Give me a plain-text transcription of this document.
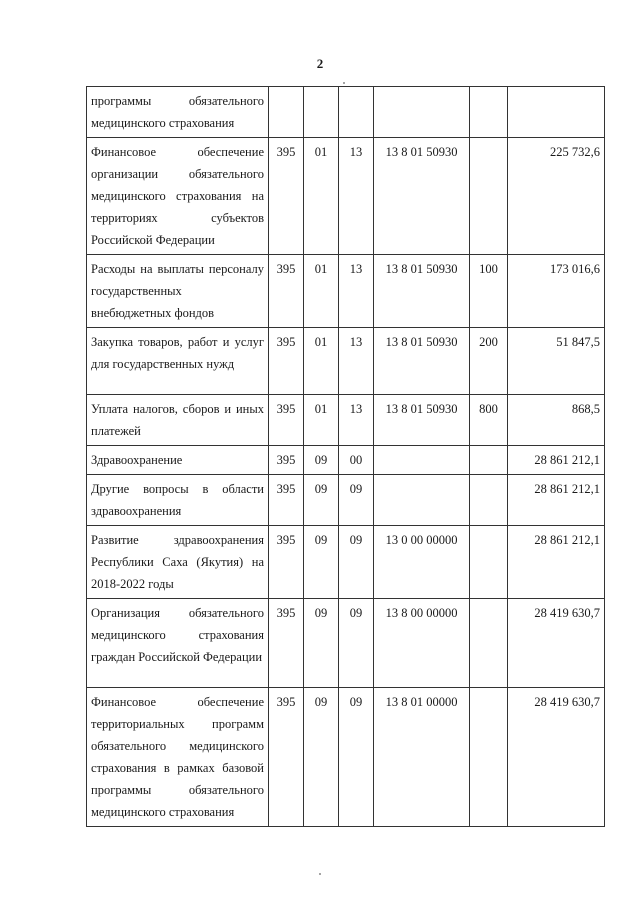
2
программы обязательного медицинского страхования						
Финансовое обеспечение организации обязательного медицинского страхования на территориях субъектов Российской Федерации	395	01	13	13 8 01 50930		225 732,6
Расходы на выплаты персоналу государственных внебюджетных фондов	395	01	13	13 8 01 50930	100	173 016,6
Закупка товаров, работ и услуг для государственных нужд	395	01	13	13 8 01 50930	200	51 847,5
Уплата налогов, сборов и иных платежей	395	01	13	13 8 01 50930	800	868,5
Здравоохранение	395	09	00			28 861 212,1
Другие вопросы в области здравоохранения	395	09	09			28 861 212,1
Развитие здравоохранения Республики Саха (Якутия) на 2018-2022 годы	395	09	09	13 0 00 00000		28 861 212,1
Организация обязательного медицинского страхования граждан Российской Федерации	395	09	09	13 8 00 00000		28 419 630,7
Финансовое обеспечение территориальных программ обязательного медицинского страхования в рамках базовой программы обязательного медицинского страхования	395	09	09	13 8 01 00000		28 419 630,7
